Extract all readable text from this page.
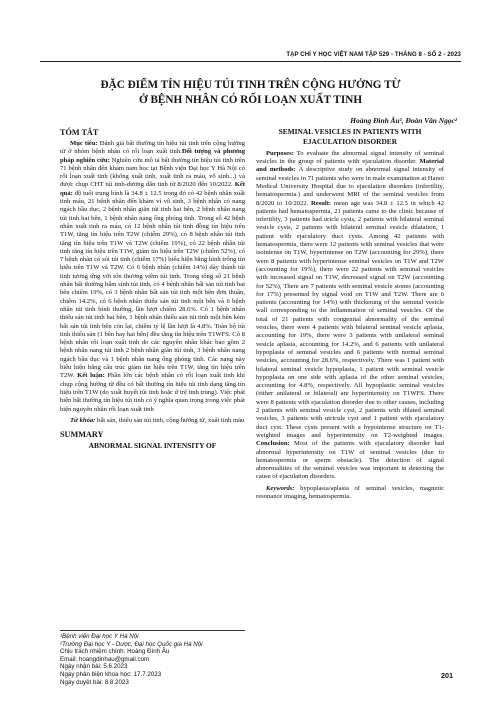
TẠP CHÍ Y HỌC VIỆT NAM TẬP 529 - THÁNG 8 - SỐ 2 - 2023
ĐẶC ĐIỂM TÍN HIỆU TÚI TINH TRÊN CỘNG HƯỞNG TỪ
Ở BỆNH NHÂN CÓ RỐI LOẠN XUẤT TINH
Hoàng Đình Âu¹, Đoàn Văn Ngọc²
TÓM TẮT

Mục tiêu: Đánh giá bất thường tín hiệu túi tinh trên cộng hưởng từ ở nhóm bệnh nhân có rối loạn xuất tinh.Đối tượng và phương pháp nghiên cứu: Nghiên cứu mô tả bất thường tín hiệu túi tinh trên 71 bệnh nhân đến khám nam học tại Bệnh viện Đại học Y Hà Nội có rối loạn xuất tinh (không xuất tinh, xuất tinh ra máu, vô sinh...) và được chụp CHT túi tinh-dương dẫn tinh từ 8/2020 đến 10/2022. Kết quả: độ tuổi trung bình là 34.8 ± 12.5 trong đó có 42 bệnh nhân xuất tinh máu, 21 bệnh nhân đến khám vì vô sinh, 3 bệnh nhân có nang ngách bầu dục, 2 bệnh nhân giãn túi tinh hai bên, 2 bệnh nhân nang túi tinh hai bên, 1 bệnh nhân nang ống phóng tinh. Trong số 42 bệnh nhân xuất tinh ra máu, có 12 bệnh nhân túi tinh đồng tín hiệu trên T1W, tăng tín hiệu trên T2W (chiếm 29%), có 8 bệnh nhân túi tinh tăng tín hiệu trên T1W và T2W (chiếm 19%), có 22 bệnh nhân túi tinh tăng tín hiệu trên T1W, giảm tín hiệu trên T2W (chiếm 52%), có 7 bệnh nhân có sỏi túi tinh (chiếm 17%) biểu hiện bằng hình trống tín hiệu trên T1W và T2W. Có 6 bệnh nhân (chiếm 14%) dày thành túi tinh tương ứng với tổn thương viêm túi tinh. Trong tổng số 21 bệnh nhân bất thường bẩm sinh túi tinh, có 4 bệnh nhân bất sản túi tinh hai bên chiếm 19%, có 3 bệnh nhân bất sản túi tinh một bên đơn thuần, chiếm 14.2%, có 6 bệnh nhân thiểu sản túi tinh một bên và 6 bệnh nhân túi tinh bình thường, lần lượt chiếm 28.6%. Có 1 bệnh nhân thiểu sản túi tinh hai bên, 1 bệnh nhân thiểu sản túi tinh một bên kèm bất sản túi tinh bên còn lại, chiếm tỷ lệ lần lượt là 4.8%. Toàn bộ túi tinh thiểu sản (1 bên hay hai bên) đều tăng tín hiệu trên T1WFS. Có 8 bệnh nhân rối loạn xuất tinh do các nguyên nhân khác bao gồm 2 bệnh nhân nang túi tinh 2 bệnh nhân giãn túi tinh, 3 bệnh nhân nang ngách bầu dục và 1 bệnh nhân nang ống phóng tinh. Các nang này biểu hiện bằng cấu trúc giảm tín hiệu trên T1W, tăng tín hiệu trên T2W. Kết luận: Phần lớn các bệnh nhân có rối loạn xuất tinh khi chụp cộng hưởng từ đều có bất thường tín hiệu túi tinh dạng tăng tín hiệu trên T1W (do xuất huyết túi tinh hoặc ứ trệ tinh trùng). Việc phát hiện bất thường tín hiệu túi tinh có ý nghĩa quan trọng trong việc phát hiện nguyên nhân rối loạn xuất tinh

Từ khóa: bất sản, thiểu sản túi tinh, cộng hưởng từ, xuất tinh máu

SUMMARY
ABNORMAL SIGNAL INTENSITY OF
SEMINAL VESICLES IN PATIENTS WITH
EJACULATION DISORDER

Purposes: To evaluate the abnormal signal intensity of seminal vesicles in the group of patients with ejaculation disorder. Material and methods: A descriptive study on abnormal signal intensity of seminal vesicles in 71 patients who were in male examination at Hanoi Medical University Hospital due to ejaculation disorders (infertility, hematospermia.) and underwent MRI of the seminal vesicles from 8/2020 to 10/2022. Result: mean age was 34.8 ± 12.5 in which 42 patients had hematospermia, 21 patients came to the clinic because of infertility, 3 patients had uricle cysts, 2 patients with bilateral seminal vesicle cysts, 2 patients with bilateral seminal vesicle dilatation, 1 patient with ejaculatory duct cysts. Among 42 patients with hematospermia, there were 12 patients with seminal vesicles that were isointense on T1W, hyperintense on T2W (accounting for 29%), there were 8 patients with hyperintense seminal vesicles on T1W and T2W (accounting for 19%), there were 22 patients with seminal vesicles with increased signal on T1W, decreased signal on T2W (accounting for 52%), There are 7 patients with seminal vesicle stones (accounting for 17%) presented by signal void on T1W and T2W. There are 6 patients (accounting for 14%) with thickening of the seminal vesicle wall corresponding to the inflammation of seminal vesicles. Of the total of 21 patients with congenital abnormality of the seminal vesicles, there were 4 patients with bilateral seminal vesicle aplasia, accounting for 19%, there were 3 patients with unilateral seminal vesicle aplasia, accounting for 14.2%, and 6 patients with unilateral hypoplasia of seminal vesicles and 6 patients with normal seminal vesicles, accounting for 28.6%, respectively. There was 1 patient with bilateral seminal vesicle hypoplasia, 1 patient with seminal vesicle hypoplasia on one side with aplasia of the other seminal vesicles, accounting for 4.8%, respectively. All hypoplastic seminal vesicles (either unilateral or bilateral) are hyperintensity on T1WFS. There were 8 patients with ejaculation disorder due to other causes, including 2 patients with seminal vesicle cyst, 2 patients with dilated seminal vesicles, 3 patients with utricule cyst and 1 patient with ejaculatory duct cyst. These cysts present with a hypointense structure on T1-weighted images and hyperintensity on T2-weighted images. Conclusion: Most of the patients with ejaculatory disorder had abnormal hyperintensity on T1W of seminal vesicles (due to hematospermia or sperm obstacle). The detection of signal abnormalities of the seminal vesicles was important in detecting the cause of ejaculation disorders.

Keywords: hypoplasia/aplasia of seminal vesicles, magnetic resonance imaging, hematospermia.

¹Bệnh viện Đại học Y Hà Nội
²Trường Đại học Y - Dược, Đại học Quốc gia Hà Nội
Chịu trách nhiệm chính: Hoàng Đình Âu
Email: hoangdinhau@gmail.com
Ngày nhận bài: 5.6.2023
Ngày phản biện khoa học: 17.7.2023
Ngày duyệt bài: 8.8.2023
201
